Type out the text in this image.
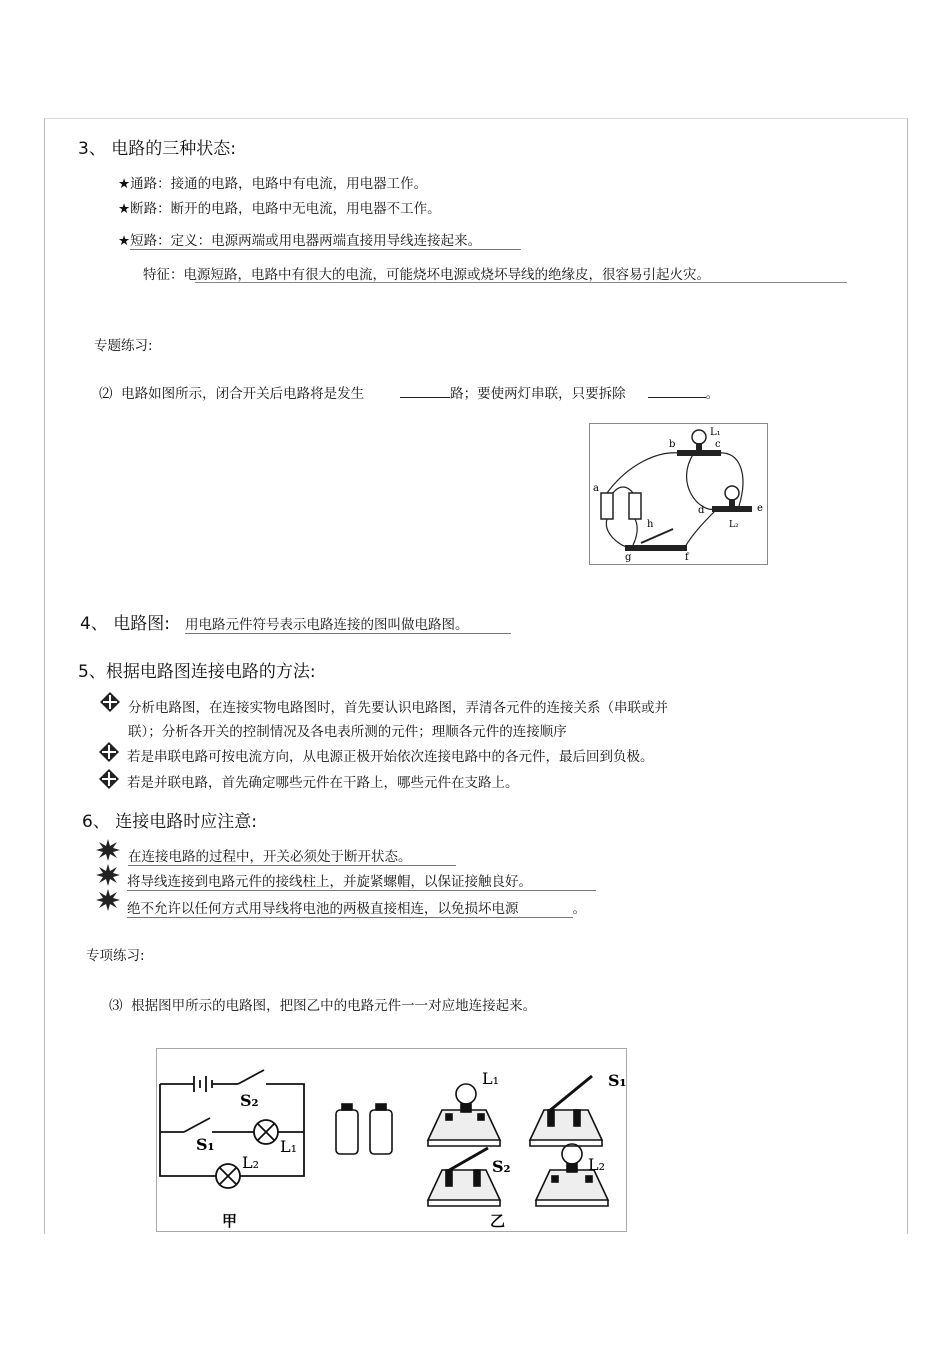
3、 电路的三种状态:
★通路：接通的电路，电路中有电流，用电器工作。
★断路：断开的电路，电路中无电流，用电器不工作。
★短路：定义：电源两端或用电器两端直接用导线连接起来。
特征：电源短路，电路中有很大的电流，可能烧坏电源或烧坏导线的绝缘皮，很容易引起火灾。
专题练习:
⑵ 电路如图所示，闭合开关后电路将是发生	路；要使两灯串联，只要拆除	。
b
L₁
c
a
d	e
L₂
h
g	f
4、 电路图: 用电路元件符号表示电路连接的图叫做电路图。
5、根据电路图连接电路的方法:
分析电路图，在连接实物电路图时，首先要认识电路图，弄清各元件的连接关系（串联或并
联）；分析各开关的控制情况及各电表所测的元件；理顺各元件的连接顺序
若是串联电路可按电流方向，从电源正极开始依次连接电路中的各元件，最后回到负极。
若是并联电路，首先确定哪些元件在干路上，哪些元件在支路上。
6、 连接电路时应注意:
在连接电路的过程中，开关必须处于断开状态。
将导线连接到电路元件的接线柱上，并旋紧螺帽，以保证接触良好。
绝不允许以任何方式用导线将电池的两极直接相连，以免损坏电源	。
专项练习:
⑶ 根据图甲所示的电路图，把图乙中的电路元件一一对应地连接起来。
S₂
S₁	L₁
L₂
甲
L₁	S₁
S₂	L₂
乙
